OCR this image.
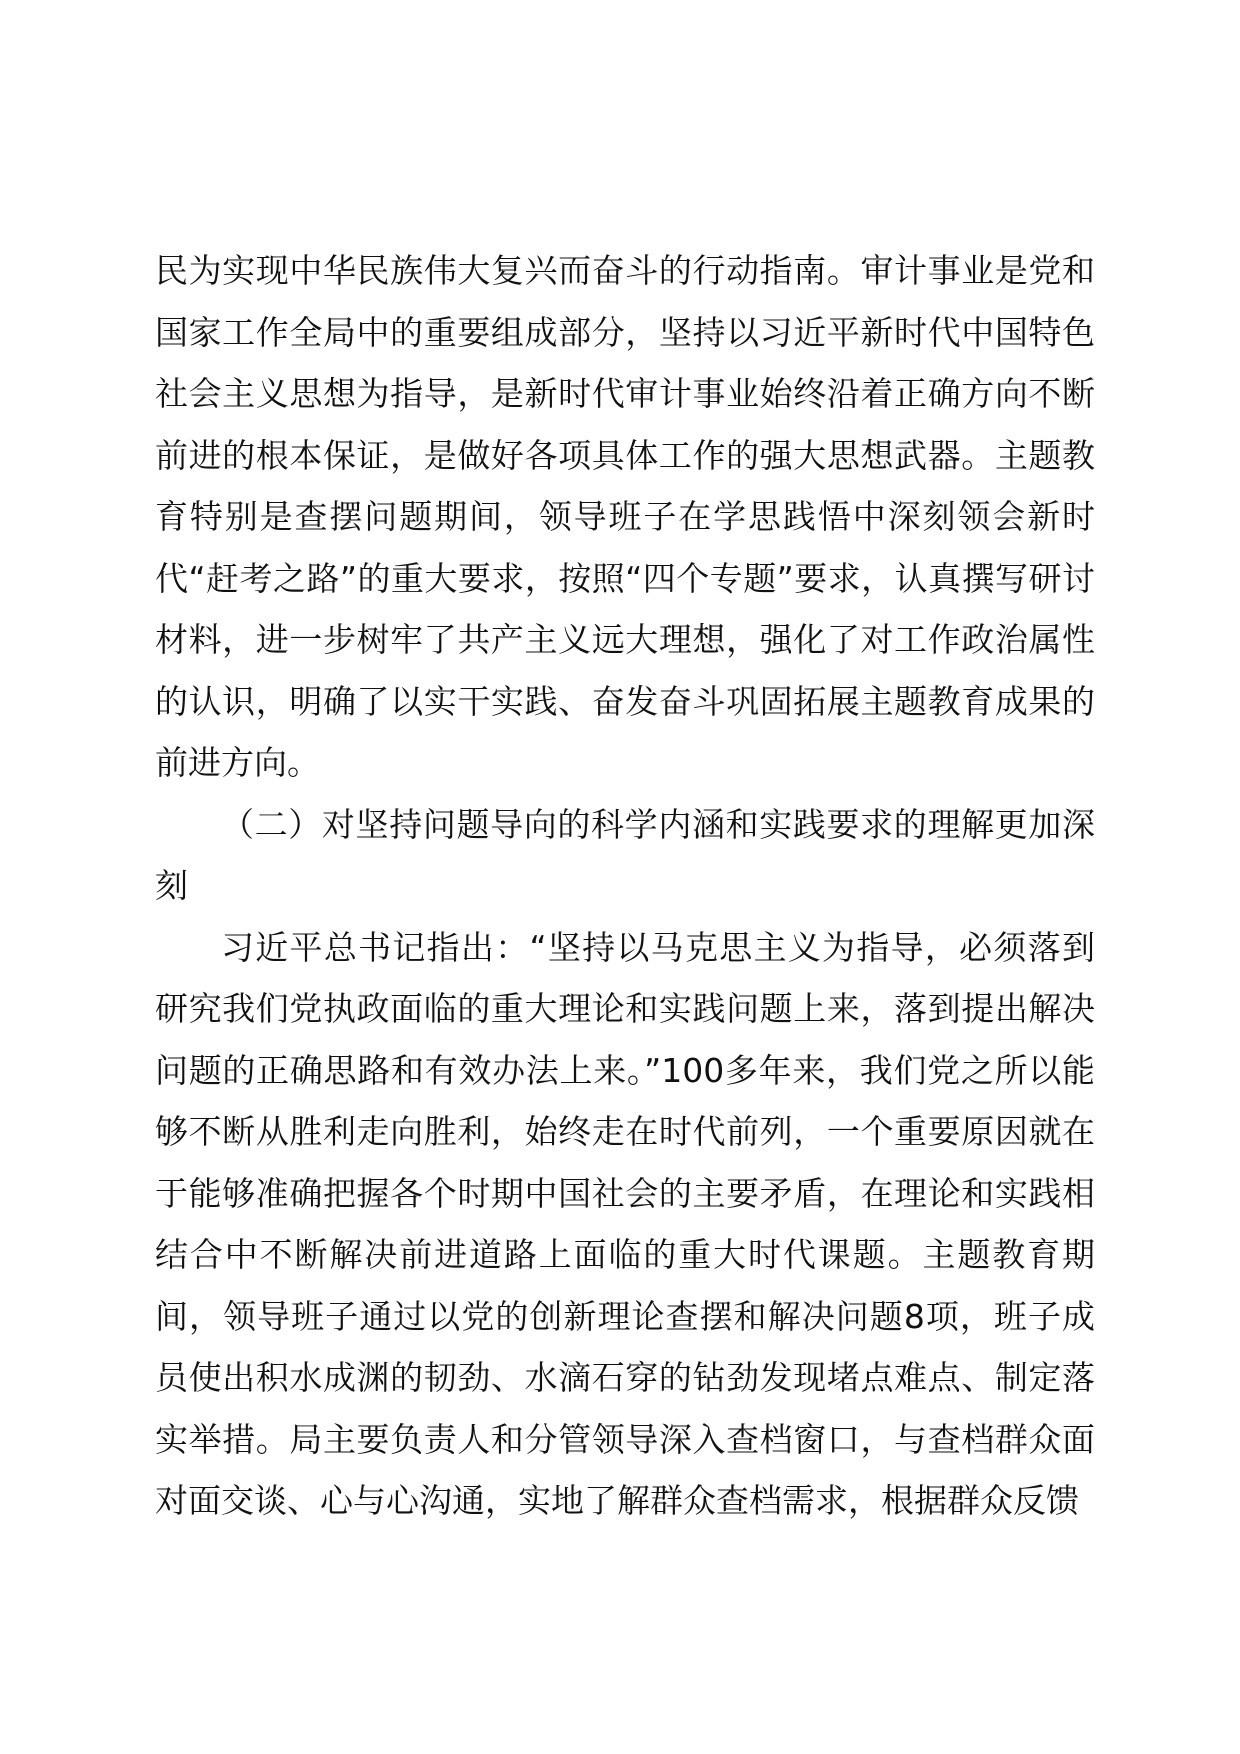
民为实现中华民族伟大复兴而奋斗的行动指南。审计事业是党和国家工作全局中的重要组成部分，坚持以习近平新时代中国特色社会主义思想为指导，是新时代审计事业始终沿着正确方向不断前进的根本保证，是做好各项具体工作的强大思想武器。主题教育特别是查摆问题期间，领导班子在学思践悟中深刻领会新时代“赶考之路”的重大要求，按照“四个专题”要求，认真撰写研讨材料，进一步树牢了共产主义远大理想，强化了对工作政治属性的认识，明确了以实干实践、奋发奋斗巩固拓展主题教育成果的前进方向。

（二）对坚持问题导向的科学内涵和实践要求的理解更加深刻

习近平总书记指出：“坚持以马克思主义为指导，必须落到研究我们党执政面临的重大理论和实践问题上来，落到提出解决问题的正确思路和有效办法上来。”100多年来，我们党之所以能够不断从胜利走向胜利，始终走在时代前列，一个重要原因就在于能够准确把握各个时期中国社会的主要矛盾，在理论和实践相结合中不断解决前进道路上面临的重大时代课题。主题教育期间，领导班子通过以党的创新理论查摆和解决问题8项，班子成员使出积水成渊的韧劲、水滴石穿的钻劲发现堵点难点、制定落实举措。局主要负责人和分管领导深入查档窗口，与查档群众面对面交谈、心与心沟通，实地了解群众查档需求，根据群众反馈
